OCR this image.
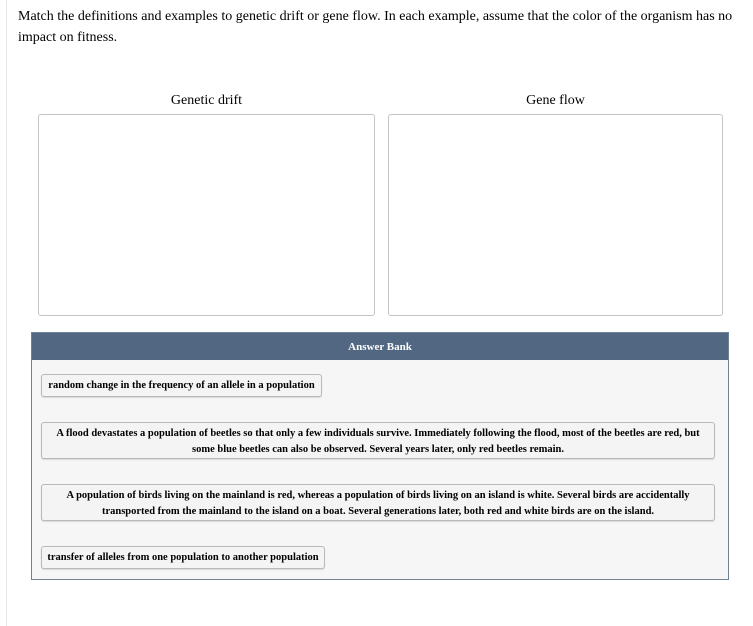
Match the definitions and examples to genetic drift or gene flow. In each example, assume that the color of the organism has no impact on fitness.
Genetic drift	Gene flow
Answer Bank
random change in the frequency of an allele in a population
A flood devastates a population of beetles so that only a few individuals survive. Immediately following the flood, most of the beetles are red, but some blue beetles can also be observed. Several years later, only red beetles remain.
A population of birds living on the mainland is red, whereas a population of birds living on an island is white. Several birds are accidentally transported from the mainland to the island on a boat. Several generations later, both red and white birds are on the island.
transfer of alleles from one population to another population
